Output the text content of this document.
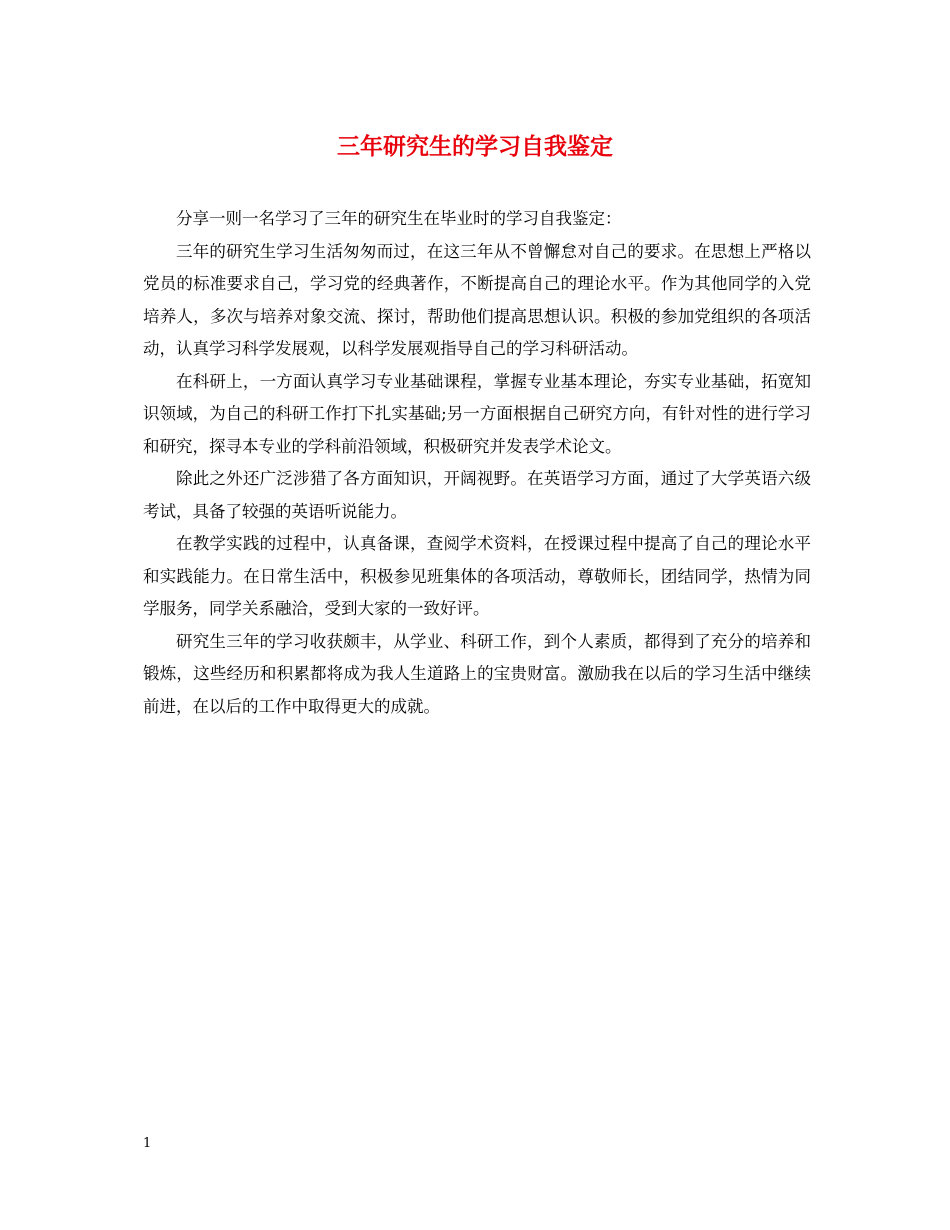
三年研究生的学习自我鉴定

分享一则一名学习了三年的研究生在毕业时的学习自我鉴定：

三年的研究生学习生活匆匆而过，在这三年从不曾懈怠对自己的要求。在思想上严格以党员的标准要求自己，学习党的经典著作，不断提高自己的理论水平。作为其他同学的入党培养人，多次与培养对象交流、探讨，帮助他们提高思想认识。积极的参加党组织的各项活动，认真学习科学发展观，以科学发展观指导自己的学习科研活动。

在科研上，一方面认真学习专业基础课程，掌握专业基本理论，夯实专业基础，拓宽知识领域，为自己的科研工作打下扎实基础;另一方面根据自己研究方向，有针对性的进行学习和研究，探寻本专业的学科前沿领域，积极研究并发表学术论文。

除此之外还广泛涉猎了各方面知识，开阔视野。在英语学习方面，通过了大学英语六级考试，具备了较强的英语听说能力。

在教学实践的过程中，认真备课，查阅学术资料，在授课过程中提高了自己的理论水平和实践能力。在日常生活中，积极参见班集体的各项活动，尊敬师长，团结同学，热情为同学服务，同学关系融洽，受到大家的一致好评。

研究生三年的学习收获颇丰，从学业、科研工作，到个人素质，都得到了充分的培养和锻炼，这些经历和积累都将成为我人生道路上的宝贵财富。激励我在以后的学习生活中继续前进，在以后的工作中取得更大的成就。

1
